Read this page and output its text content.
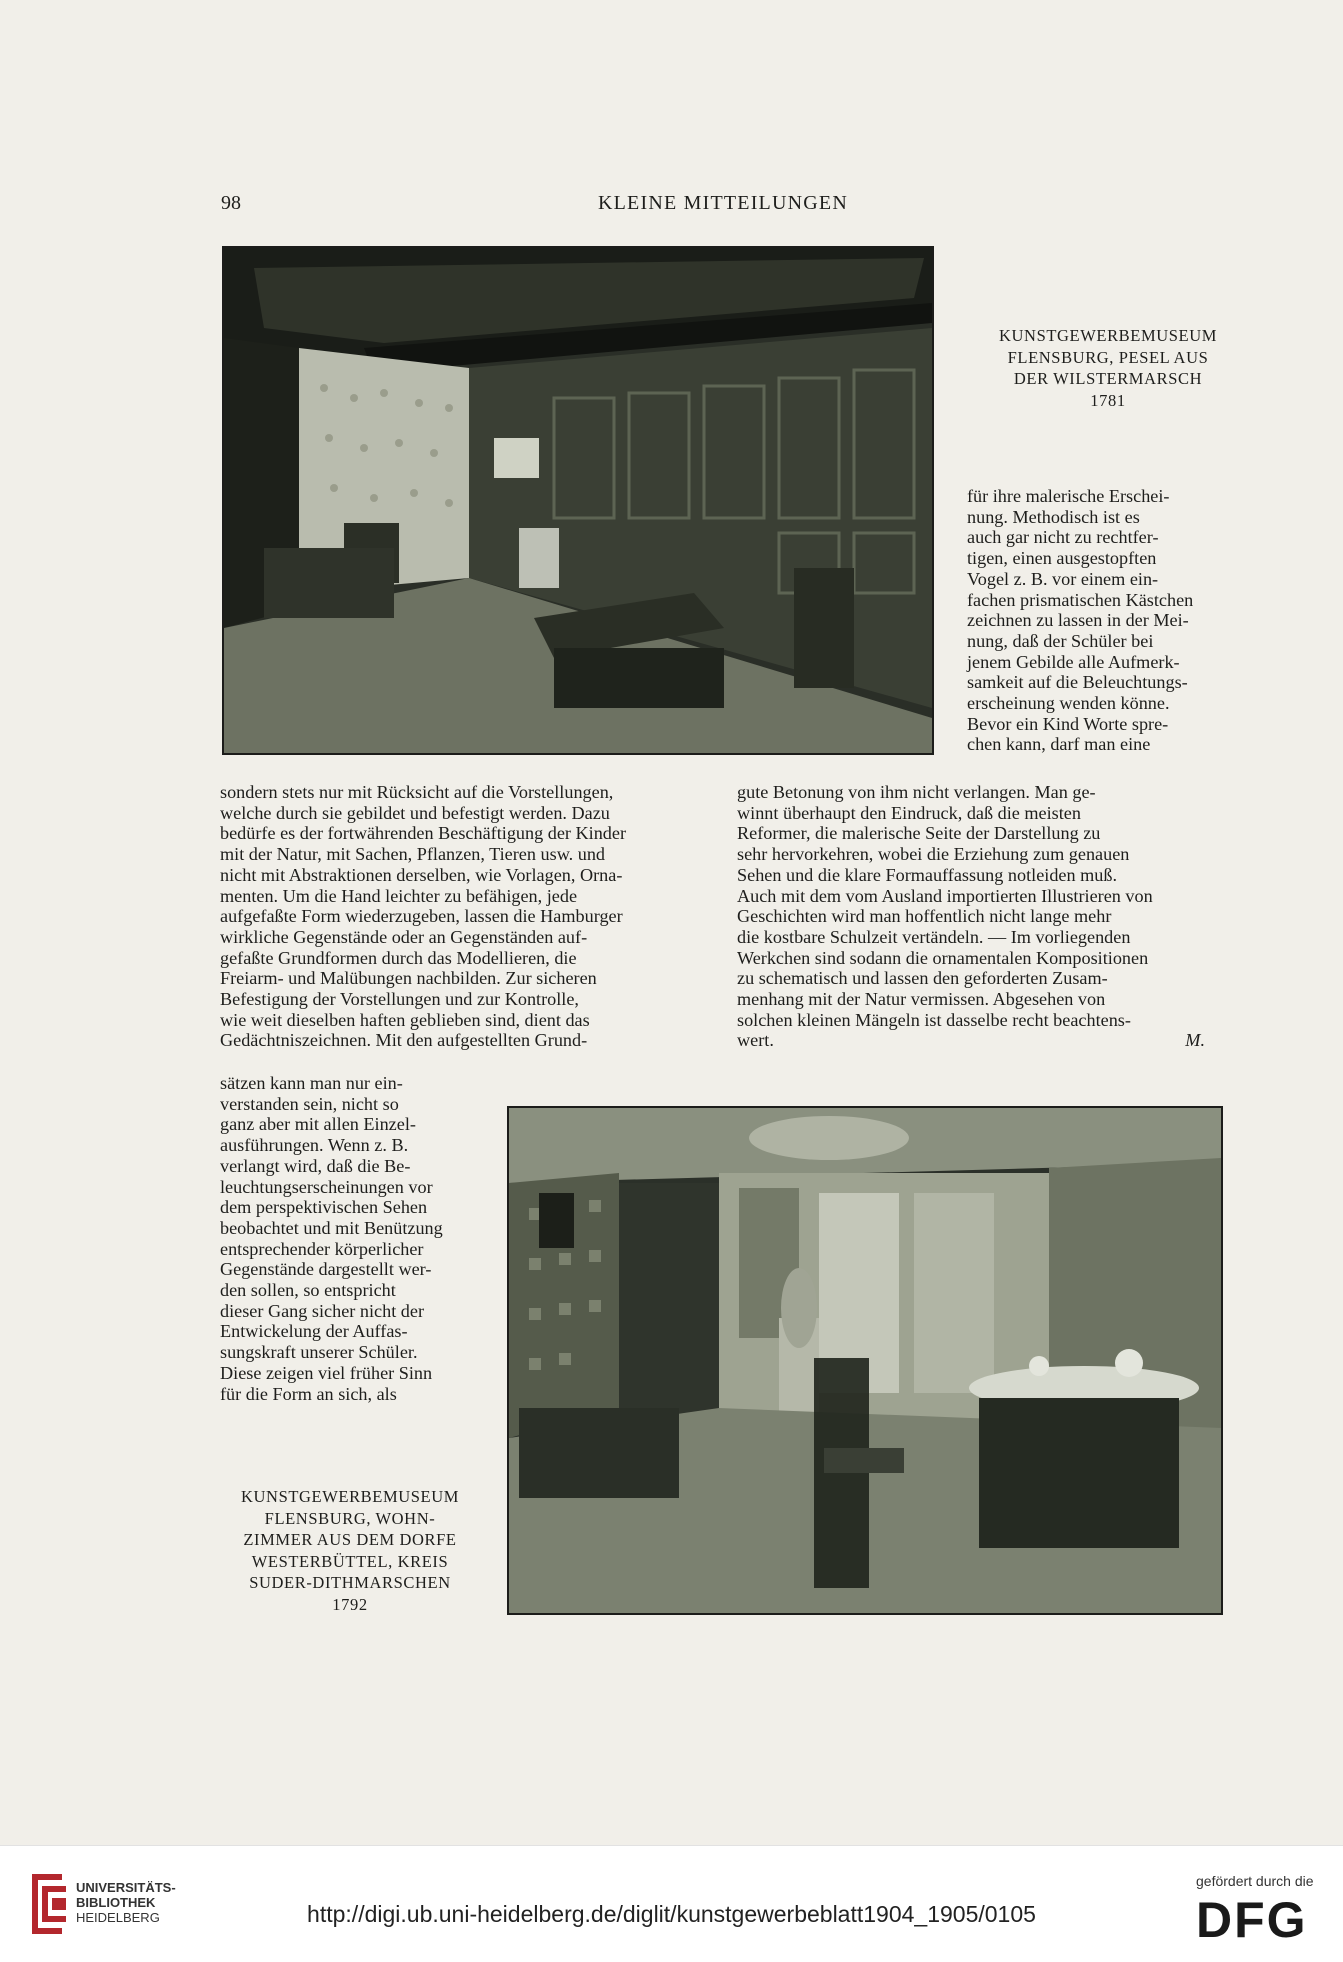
98	KLEINE MITTEILUNGEN
KUNSTGEWERBEMUSEUM
FLENSBURG, PESEL AUS
DER WILSTERMARSCH
1781
für ihre malerische Erschei-
nung. Methodisch ist es
auch gar nicht zu rechtfer-
tigen, einen ausgestopften
Vogel z. B. vor einem ein-
fachen prismatischen Kästchen
zeichnen zu lassen in der Mei-
nung, daß der Schüler bei
jenem Gebilde alle Aufmerk-
samkeit auf die Beleuchtungs-
erscheinung wenden könne.
Bevor ein Kind Worte spre-
chen kann, darf man eine
sondern stets nur mit Rücksicht auf die Vorstellungen,
welche durch sie gebildet und befestigt werden. Dazu
bedürfe es der fortwährenden Beschäftigung der Kinder
mit der Natur, mit Sachen, Pflanzen, Tieren usw. und
nicht mit Abstraktionen derselben, wie Vorlagen, Orna-
menten. Um die Hand leichter zu befähigen, jede
aufgefaßte Form wiederzugeben, lassen die Hamburger
wirkliche Gegenstände oder an Gegenständen auf-
gefaßte Grundformen durch das Modellieren, die
Freiarm- und Malübungen nachbilden. Zur sicheren
Befestigung der Vorstellungen und zur Kontrolle,
wie weit dieselben haften geblieben sind, dient das
Gedächtniszeichnen. Mit den aufgestellten Grund-
sätzen kann man nur ein-
verstanden sein, nicht so
ganz aber mit allen Einzel-
ausführungen. Wenn z. B.
verlangt wird, daß die Be-
leuchtungserscheinungen vor
dem perspektivischen Sehen
beobachtet und mit Benützung
entsprechender körperlicher
Gegenstände dargestellt wer-
den sollen, so entspricht
dieser Gang sicher nicht der
Entwickelung der Auffas-
sungskraft unserer Schüler.
Diese zeigen viel früher Sinn
für die Form an sich, als
gute Betonung von ihm nicht verlangen. Man ge-
winnt überhaupt den Eindruck, daß die meisten
Reformer, die malerische Seite der Darstellung zu
sehr hervorkehren, wobei die Erziehung zum genauen
Sehen und die klare Formauffassung notleiden muß.
Auch mit dem vom Ausland importierten Illustrieren von
Geschichten wird man hoffentlich nicht lange mehr
die kostbare Schulzeit vertändeln. — Im vorliegenden
Werkchen sind sodann die ornamentalen Kompositionen
zu schematisch und lassen den geforderten Zusam-
menhang mit der Natur vermissen. Abgesehen von
solchen kleinen Mängeln ist dasselbe recht beachtens-
wert.	M.
KUNSTGEWERBEMUSEUM
FLENSBURG, WOHN-
ZIMMER AUS DEM DORFE
WESTERBÜTTEL, KREIS
SUDER-DITHMARSCHEN
1792
UNIVERSITÄTS-
BIBLIOTHEK
HEIDELBERG	http://digi.ub.uni-heidelberg.de/diglit/kunstgewerbeblatt1904_1905/0105
gefördert durch die
DFG
